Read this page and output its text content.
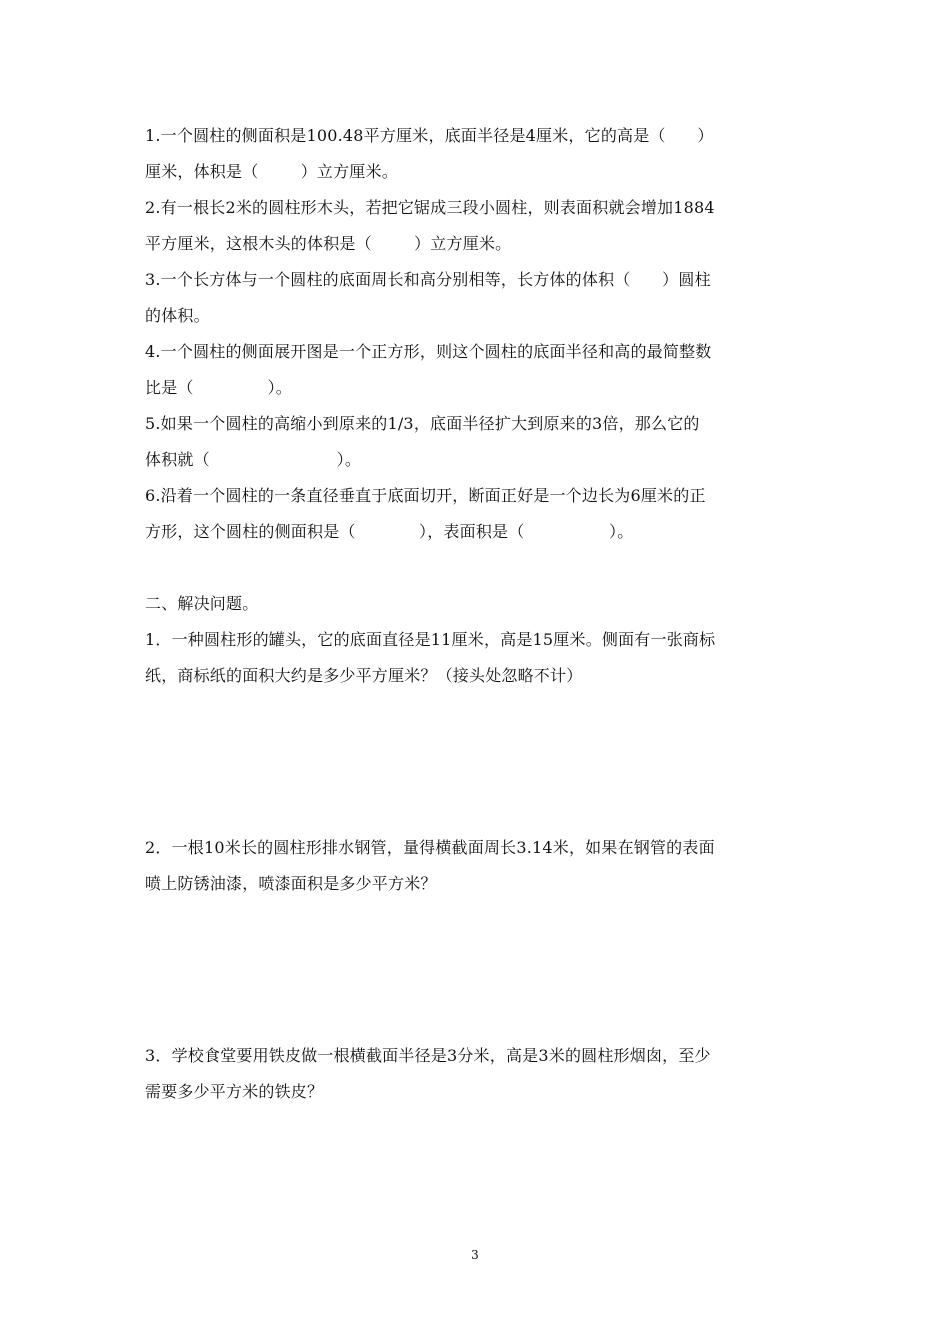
1.一个圆柱的侧面积是100.48平方厘米，底面半径是4厘米，它的高是（      ）
厘米，体积是（        ）立方厘米。
2.有一根长2米的圆柱形木头，若把它锯成三段小圆柱，则表面积就会增加1884
平方厘米，这根木头的体积是（        ）立方厘米。
3.一个长方体与一个圆柱的底面周长和高分别相等，长方体的体积（      ）圆柱
的体积。
4.一个圆柱的侧面展开图是一个正方形，则这个圆柱的底面半径和高的最简整数
比是（              ）。
5.如果一个圆柱的高缩小到原来的1/3，底面半径扩大到原来的3倍，那么它的
体积就（                        ）。
6.沿着一个圆柱的一条直径垂直于底面切开，断面正好是一个边长为6厘米的正
方形，这个圆柱的侧面积是（            ），表面积是（                ）。
二、解决问题。
1．一种圆柱形的罐头，它的底面直径是11厘米，高是15厘米。侧面有一张商标
纸，商标纸的面积大约是多少平方厘米？（接头处忽略不计）
2．一根10米长的圆柱形排水钢管，量得横截面周长3.14米，如果在钢管的表面
喷上防锈油漆，喷漆面积是多少平方米？
3．学校食堂要用铁皮做一根横截面半径是3分米，高是3米的圆柱形烟囱，至少
需要多少平方米的铁皮？
3
